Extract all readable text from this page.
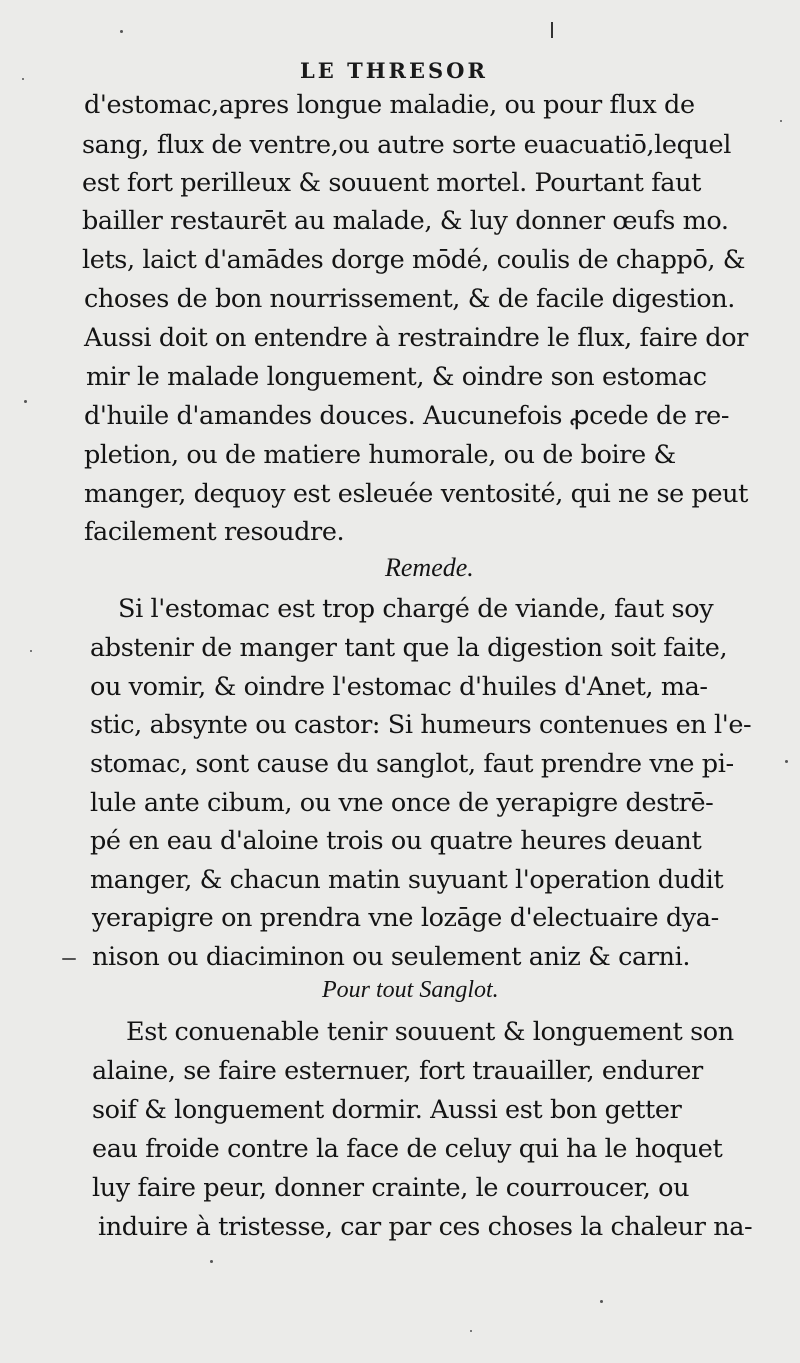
LE THRESOR
d'estomac,apres longue maladie, ou pour flux de
sang, flux de ventre,ou autre sorte euacuatiō,lequel
est fort perilleux & souuent mortel. Pourtant faut
bailler restaurēt au malade, & luy donner œufs mo.
lets, laict d'amādes dorge mōdé, coulis de chappō, &
choses de bon nourrissement, & de facile digestion.
Aussi doit on entendre à restraindre le flux, faire dor
mir le malade longuement, & oindre son estomac
d'huile d'amandes douces. Aucunefois ꝓcede de re-
pletion, ou de matiere humorale, ou de boire &
manger, dequoy est esleuée ventosité, qui ne se peut
facilement resoudre.
Remede.
Si l'estomac est trop chargé de viande, faut soy
abstenir de manger tant que la digestion soit faite,
ou vomir, & oindre l'estomac d'huiles d'Anet, ma-
stic, absynte ou castor: Si humeurs contenues en l'e-
stomac, sont cause du sanglot, faut prendre vne pi-
lule ante cibum, ou vne once de yerapigre destrē-
pé en eau d'aloine trois ou quatre heures deuant
manger, & chacun matin suyuant l'operation dudit
yerapigre on prendra vne lozāge d'electuaire dya-
nison ou diaciminon ou seulement aniz & carni.
Pour tout Sanglot.
Est conuenable tenir souuent & longuement son
alaine, se faire esternuer, fort trauailler, endurer
soif & longuement dormir. Aussi est bon getter
eau froide contre la face de celuy qui ha le hoquet
luy faire peur, donner crainte, le courroucer, ou
induire à tristesse, car par ces choses la chaleur na-
